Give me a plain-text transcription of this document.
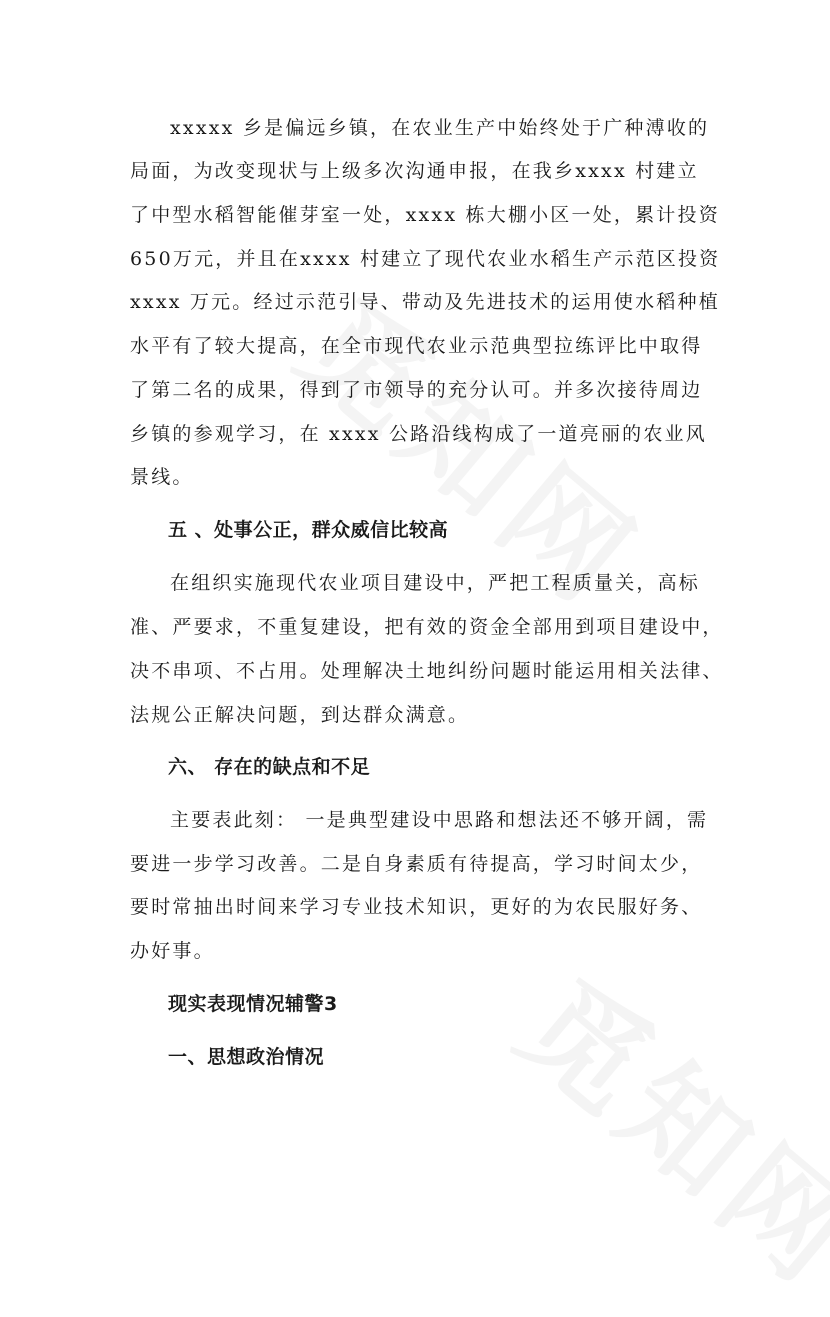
xxxxx 乡是偏远乡镇，在农业生产中始终处于广种溥收的
局面，为改变现状与上级多次沟通申报，在我乡xxxx 村建立
了中型水稻智能催芽室一处，xxxx 栋大棚小区一处，累计投资
650万元，并且在xxxx 村建立了现代农业水稻生产示范区投资
xxxx 万元。经过示范引导、带动及先进技术的运用使水稻种植
水平有了较大提高，在全市现代农业示范典型拉练评比中取得
了第二名的成果，得到了市领导的充分认可。并多次接待周边
乡镇的参观学习，在 xxxx 公路沿线构成了一道亮丽的农业风
景线。
五 、处事公正，群众威信比较高
在组织实施现代农业项目建设中，严把工程质量关，高标
准、严要求，不重复建设，把有效的资金全部用到项目建设中，
决不串项、不占用。处理解决土地纠纷问题时能运用相关法律、
法规公正解决问题，到达群众满意。
六、 存在的缺点和不足
主要表此刻： 一是典型建设中思路和想法还不够开阔，需
要进一步学习改善。二是自身素质有待提高，学习时间太少，
要时常抽出时间来学习专业技术知识，更好的为农民服好务、
办好事。
现实表现情况辅警3
一、思想政治情况
